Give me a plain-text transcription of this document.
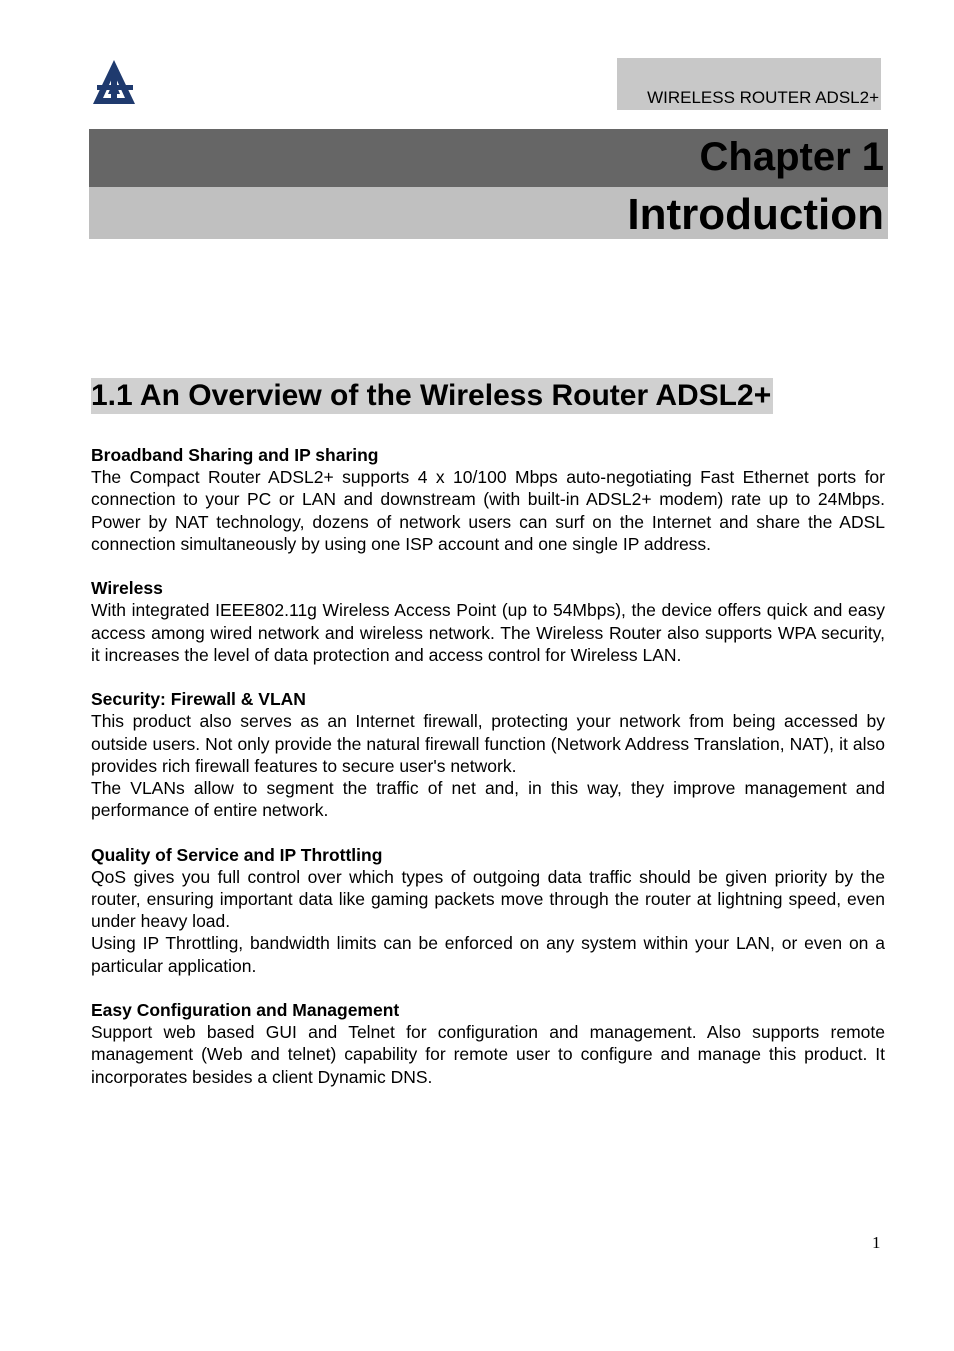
WIRELESS ROUTER ADSL2+
Chapter 1
Introduction
1.1 An Overview of the Wireless Router ADSL2+
Broadband Sharing and IP sharing

The Compact Router ADSL2+ supports 4 x 10/100 Mbps auto-negotiating Fast Ethernet ports for connection to your PC or LAN and downstream (with built-in ADSL2+ modem) rate up to 24Mbps. Power by NAT technology, dozens of network users can surf on the Internet and share the ADSL connection simultaneously by using one ISP account and one single IP address.

Wireless

With integrated IEEE802.11g Wireless Access Point (up to 54Mbps), the device offers quick and easy access among wired network and wireless network. The Wireless Router also supports WPA security, it increases the level of data protection and access control for Wireless LAN.

Security: Firewall & VLAN

This product also serves as an Internet firewall, protecting your network from being accessed by outside users. Not only provide the natural firewall function (Network Address Translation, NAT), it also provides rich firewall features to secure user's network.

The VLANs allow to segment the traffic of net and, in this way, they improve management and performance of entire network.

Quality of Service and IP Throttling

QoS gives you full control over which types of outgoing data traffic should be given priority by the router, ensuring important data like gaming packets move through the router at lightning speed, even under heavy load.

Using IP Throttling, bandwidth limits can be enforced on any system within your LAN, or even on a particular application.

Easy Configuration and Management

Support web based GUI and Telnet for configuration and management. Also supports remote management (Web and telnet) capability for remote user to configure and manage this product. It incorporates besides a client Dynamic DNS.

1
